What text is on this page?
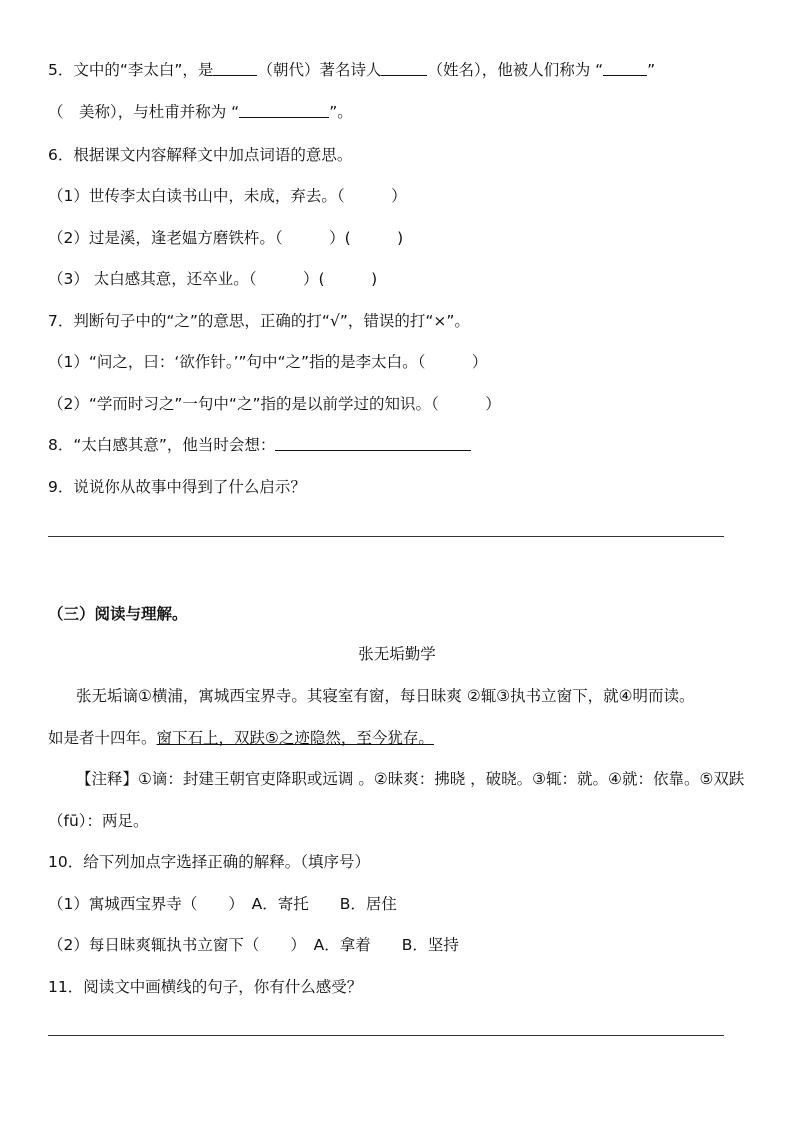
5．文中的“李太白”，是	（朝代）著名诗人	（姓名），他被人们称为 “	”
（　美称），与杜甫并称为 “	”。
6．根据课文内容解释文中加点词语的意思。
（1）世传李太白读书山中，未成，弃去。（　　　）
（2）过是溪，逢老媪方磨铁杵。（　　　）(　　　)
（3） 太白感其意，还卒业。（　　　）(　　　)
7．判断句子中的“之”的意思，正确的打“√”，错误的打“×”。
（1）“问之，曰：‘欲作针。’”句中“之”指的是李太白。（　　　）
（2）“学而时习之”一句中“之”指的是以前学过的知识。（　　　）
8．“太白感其意”，他当时会想：
9．说说你从故事中得到了什么启示？
（三）阅读与理解。
张无垢勤学
张无垢谪①横浦，寓城西宝界寺。其寝室有窗，每日昧爽 ②辄③执书立窗下，就④明而读。
如是者十四年。窗下石上，双趺⑤之迹隐然，至今犹存。
【注释】①谪：封建王朝官吏降职或远调 。②昧爽：拂晓 ，破晓。③辄：就。④就：依靠。⑤双趺
（fū）：两足。
10．给下列加点字选择正确的解释。（填序号）
（1）寓城西宝界寺（　　）　A．寄托　　B．居住
（2）每日昧爽辄执书立窗下（　　）　A．拿着　　B．坚持
11．阅读文中画横线的句子，你有什么感受？
